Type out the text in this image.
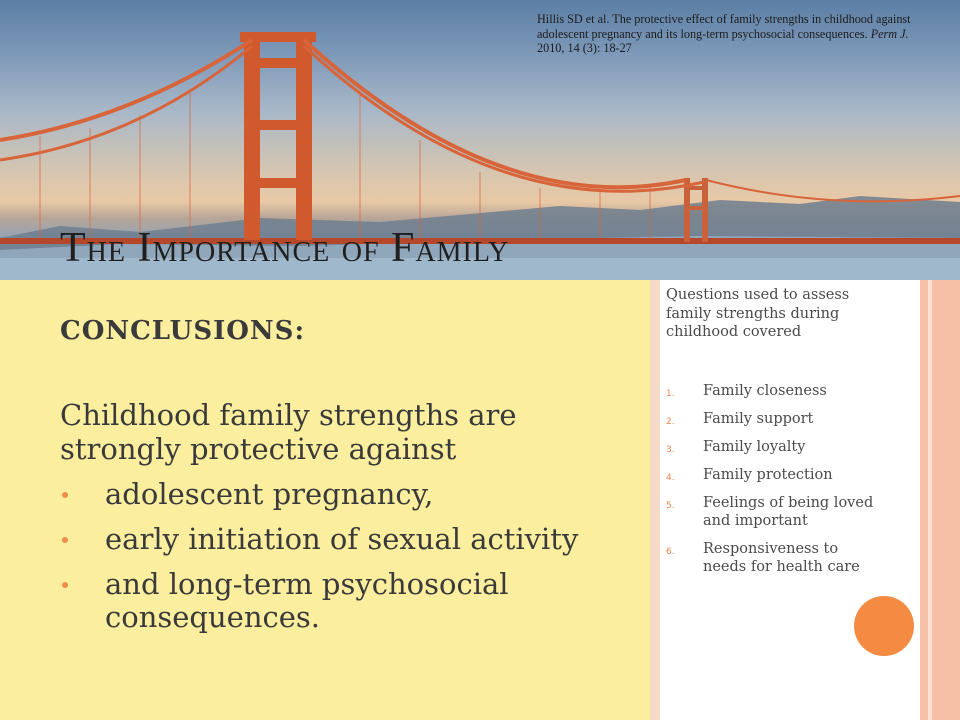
Hillis SD et al. The protective effect of family strengths in childhood against adolescent pregnancy and its long-term psychosocial consequences. Perm J. 2010, 14 (3): 18-27
THE IMPORTANCE OF FAMILY
CONCLUSIONS:

Childhood family strengths are strongly protective against

adolescent pregnancy,
early initiation of sexual activity
and long-term psychosocial consequences.

Questions used to assess family strengths during childhood covered

1. Family closeness
2. Family support
3. Family loyalty
4. Family protection
5. Feelings of being loved and important
6. Responsiveness to needs for health care
